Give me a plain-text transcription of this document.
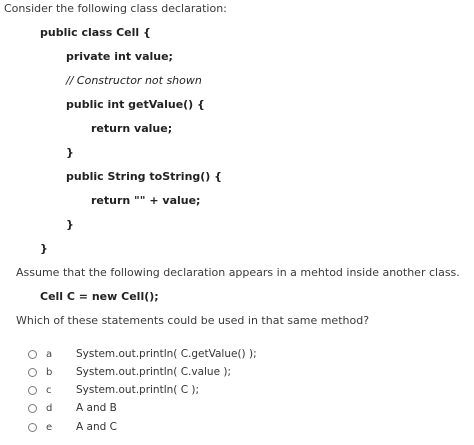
Consider the following class declaration:
public class Cell {
private int value;
// Constructor not shown
public int getValue() {
return value;
}
public String toString() {
return "" + value;
}
}
Assume that the following declaration appears in a mehtod inside another class.
Cell C = new Cell();
Which of these statements could be used in that same method?
a System.out.println( C.getValue() );
b System.out.println( C.value );
c System.out.println( C );
d A and B
e A and C
